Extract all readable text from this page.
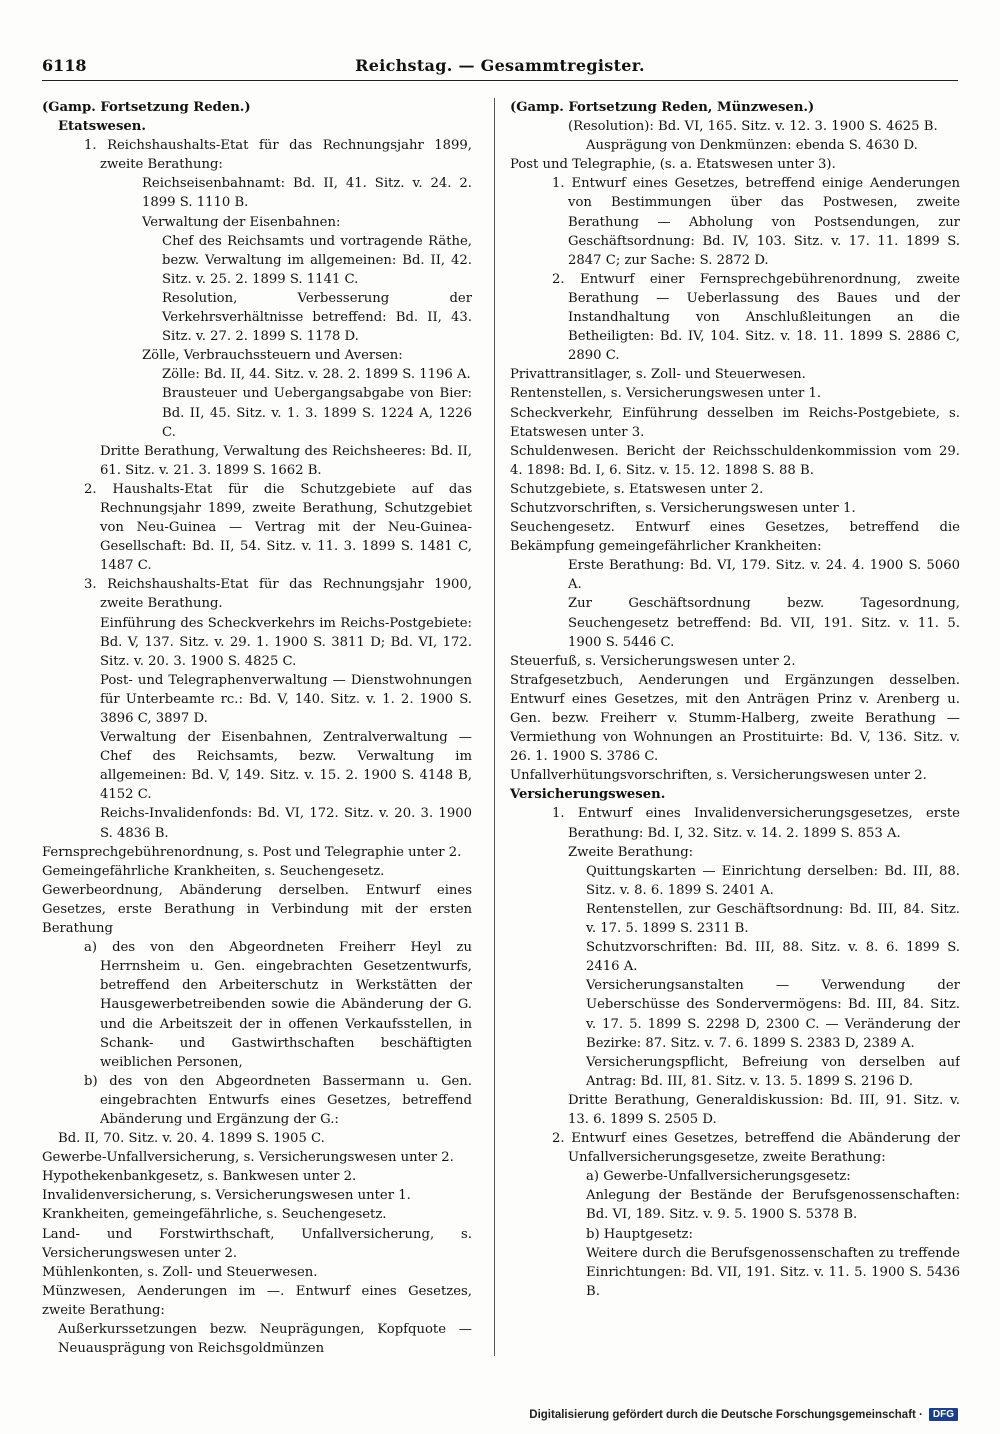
6118	Reichstag. — Gesammtregister.
(Gamp. Fortsetzung Reden.)
Etatswesen.
1. Reichshaushalts-Etat für das Rechnungsjahr 1899, zweite Berathung:
Reichseisenbahnamt: Bd. II, 41. Sitz. v. 24. 2. 1899 S. 1110 B.
Verwaltung der Eisenbahnen:
Chef des Reichsamts und vortragende Räthe, bezw. Verwaltung im allgemeinen: Bd. II, 42. Sitz. v. 25. 2. 1899 S. 1141 C.
Resolution, Verbesserung der Verkehrsverhältnisse betreffend: Bd. II, 43. Sitz. v. 27. 2. 1899 S. 1178 D.
Zölle, Verbrauchssteuern und Aversen:
Zölle: Bd. II, 44. Sitz. v. 28. 2. 1899 S. 1196 A.
Brausteuer und Uebergangsabgabe von Bier: Bd. II, 45. Sitz. v. 1. 3. 1899 S. 1224 A, 1226 C.
Dritte Berathung, Verwaltung des Reichsheeres: Bd. II, 61. Sitz. v. 21. 3. 1899 S. 1662 B.
2. Haushalts-Etat für die Schutzgebiete auf das Rechnungsjahr 1899, zweite Berathung, Schutzgebiet von Neu-Guinea — Vertrag mit der Neu-Guinea-Gesellschaft: Bd. II, 54. Sitz. v. 11. 3. 1899 S. 1481 C, 1487 C.
3. Reichshaushalts-Etat für das Rechnungsjahr 1900, zweite Berathung.
Einführung des Scheckverkehrs im Reichs-Postgebiete: Bd. V, 137. Sitz. v. 29. 1. 1900 S. 3811 D; Bd. VI, 172. Sitz. v. 20. 3. 1900 S. 4825 C.
Post- und Telegraphenverwaltung — Dienstwohnungen für Unterbeamte rc.: Bd. V, 140. Sitz. v. 1. 2. 1900 S. 3896 C, 3897 D.
Verwaltung der Eisenbahnen, Zentralverwaltung — Chef des Reichsamts, bezw. Verwaltung im allgemeinen: Bd. V, 149. Sitz. v. 15. 2. 1900 S. 4148 B, 4152 C.
Reichs-Invalidenfonds: Bd. VI, 172. Sitz. v. 20. 3. 1900 S. 4836 B.
Fernsprechgebührenordnung, s. Post und Telegraphie unter 2.
Gemeingefährliche Krankheiten, s. Seuchengesetz.
Gewerbeordnung, Abänderung derselben. Entwurf eines Gesetzes, erste Berathung in Verbindung mit der ersten Berathung
a) des von den Abgeordneten Freiherr Heyl zu Herrnsheim u. Gen. eingebrachten Gesetzentwurfs, betreffend den Arbeiterschutz in Werkstätten der Hausgewerbetreibenden sowie die Abänderung der G. und die Arbeitszeit der in offenen Verkaufsstellen, in Schank- und Gastwirthschaften beschäftigten weiblichen Personen,
b) des von den Abgeordneten Bassermann u. Gen. eingebrachten Entwurfs eines Gesetzes, betreffend Abänderung und Ergänzung der G.:
Bd. II, 70. Sitz. v. 20. 4. 1899 S. 1905 C.
Gewerbe-Unfallversicherung, s. Versicherungswesen unter 2.
Hypothekenbankgesetz, s. Bankwesen unter 2.
Invalidenversicherung, s. Versicherungswesen unter 1.
Krankheiten, gemeingefährliche, s. Seuchengesetz.
Land- und Forstwirthschaft, Unfallversicherung, s. Versicherungswesen unter 2.
Mühlenkonten, s. Zoll- und Steuerwesen.
Münzwesen, Aenderungen im —. Entwurf eines Gesetzes, zweite Berathung:
Außerkurssetzungen bezw. Neuprägungen, Kopfquote — Neuausprägung von Reichsgoldmünzen
(Gamp. Fortsetzung Reden, Münzwesen.)
(Resolution): Bd. VI, 165. Sitz. v. 12. 3. 1900 S. 4625 B.
Ausprägung von Denkmünzen: ebenda S. 4630 D.
Post und Telegraphie, (s. a. Etatswesen unter 3).
1. Entwurf eines Gesetzes, betreffend einige Aenderungen von Bestimmungen über das Postwesen, zweite Berathung — Abholung von Postsendungen, zur Geschäftsordnung: Bd. IV, 103. Sitz. v. 17. 11. 1899 S. 2847 C; zur Sache: S. 2872 D.
2. Entwurf einer Fernsprechgebührenordnung, zweite Berathung — Ueberlassung des Baues und der Instandhaltung von Anschlußleitungen an die Betheiligten: Bd. IV, 104. Sitz. v. 18. 11. 1899 S. 2886 C, 2890 C.
Privattransitlager, s. Zoll- und Steuerwesen.
Rentenstellen, s. Versicherungswesen unter 1.
Scheckverkehr, Einführung desselben im Reichs-Postgebiete, s. Etatswesen unter 3.
Schuldenwesen. Bericht der Reichsschuldenkommission vom 29. 4. 1898: Bd. I, 6. Sitz. v. 15. 12. 1898 S. 88 B.
Schutzgebiete, s. Etatswesen unter 2.
Schutzvorschriften, s. Versicherungswesen unter 1.
Seuchengesetz. Entwurf eines Gesetzes, betreffend die Bekämpfung gemeingefährlicher Krankheiten:
Erste Berathung: Bd. VI, 179. Sitz. v. 24. 4. 1900 S. 5060 A.
Zur Geschäftsordnung bezw. Tagesordnung, Seuchengesetz betreffend: Bd. VII, 191. Sitz. v. 11. 5. 1900 S. 5446 C.
Steuerfuß, s. Versicherungswesen unter 2.
Strafgesetzbuch, Aenderungen und Ergänzungen desselben. Entwurf eines Gesetzes, mit den Anträgen Prinz v. Arenberg u. Gen. bezw. Freiherr v. Stumm-Halberg, zweite Berathung — Vermiethung von Wohnungen an Prostituirte: Bd. V, 136. Sitz. v. 26. 1. 1900 S. 3786 C.
Unfallverhütungsvorschriften, s. Versicherungswesen unter 2.
Versicherungswesen.
1. Entwurf eines Invalidenversicherungsgesetzes, erste Berathung: Bd. I, 32. Sitz. v. 14. 2. 1899 S. 853 A.
Zweite Berathung:
Quittungskarten — Einrichtung derselben: Bd. III, 88. Sitz. v. 8. 6. 1899 S. 2401 A.
Rentenstellen, zur Geschäftsordnung: Bd. III, 84. Sitz. v. 17. 5. 1899 S. 2311 B.
Schutzvorschriften: Bd. III, 88. Sitz. v. 8. 6. 1899 S. 2416 A.
Versicherungsanstalten — Verwendung der Ueberschüsse des Sondervermögens: Bd. III, 84. Sitz. v. 17. 5. 1899 S. 2298 D, 2300 C. — Veränderung der Bezirke: 87. Sitz. v. 7. 6. 1899 S. 2383 D, 2389 A.
Versicherungspflicht, Befreiung von derselben auf Antrag: Bd. III, 81. Sitz. v. 13. 5. 1899 S. 2196 D.
Dritte Berathung, Generaldiskussion: Bd. III, 91. Sitz. v. 13. 6. 1899 S. 2505 D.
2. Entwurf eines Gesetzes, betreffend die Abänderung der Unfallversicherungsgesetze, zweite Berathung:
a) Gewerbe-Unfallversicherungsgesetz:
Anlegung der Bestände der Berufsgenossenschaften: Bd. VI, 189. Sitz. v. 9. 5. 1900 S. 5378 B.
b) Hauptgesetz:
Weitere durch die Berufsgenossenschaften zu treffende Einrichtungen: Bd. VII, 191. Sitz. v. 11. 5. 1900 S. 5436 B.
Digitalisierung gefördert durch die Deutsche Forschungsgemeinschaft ·	DFG
